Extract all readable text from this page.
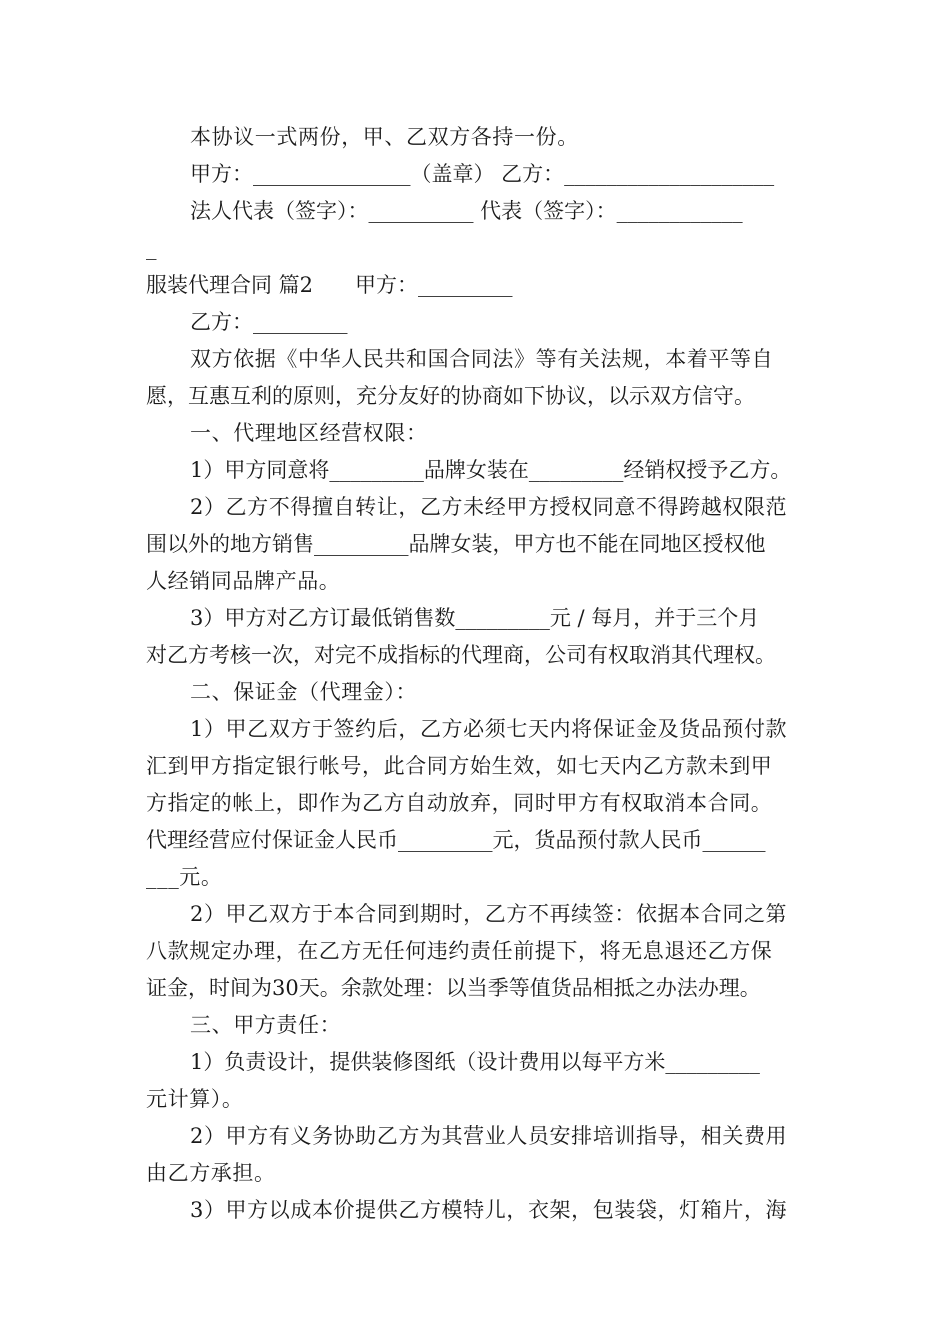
本协议一式两份，甲、乙双方各持一份。
甲方：_______________（盖章） 乙方：____________________
法人代表（签字）：__________ 代表（签字）：____________
_
服装代理合同 篇2　　甲方：_________
乙方：_________
双方依据《中华人民共和国合同法》等有关法规，本着平等自
愿，互惠互利的原则，充分友好的协商如下协议，以示双方信守。
一、代理地区经营权限：
1）甲方同意将_________品牌女装在_________经销权授予乙方。
2）乙方不得擅自转让，乙方未经甲方授权同意不得跨越权限范
围以外的地方销售_________品牌女装，甲方也不能在同地区授权他
人经销同品牌产品。
3）甲方对乙方订最低销售数_________元 / 每月，并于三个月
对乙方考核一次，对完不成指标的代理商，公司有权取消其代理权。
二、保证金（代理金）：
1）甲乙双方于签约后，乙方必须七天内将保证金及货品预付款
汇到甲方指定银行帐号，此合同方始生效，如七天内乙方款未到甲
方指定的帐上，即作为乙方自动放弃，同时甲方有权取消本合同。
代理经营应付保证金人民币_________元，货品预付款人民币______
___元。
2）甲乙双方于本合同到期时，乙方不再续签：依据本合同之第
八款规定办理，在乙方无任何违约责任前提下，将无息退还乙方保
证金，时间为30天。余款处理：以当季等值货品相抵之办法办理。
三、甲方责任：
1）负责设计，提供装修图纸（设计费用以每平方米_________
元计算）。
2）甲方有义务协助乙方为其营业人员安排培训指导，相关费用
由乙方承担。
3）甲方以成本价提供乙方模特儿，衣架，包装袋，灯箱片，海
